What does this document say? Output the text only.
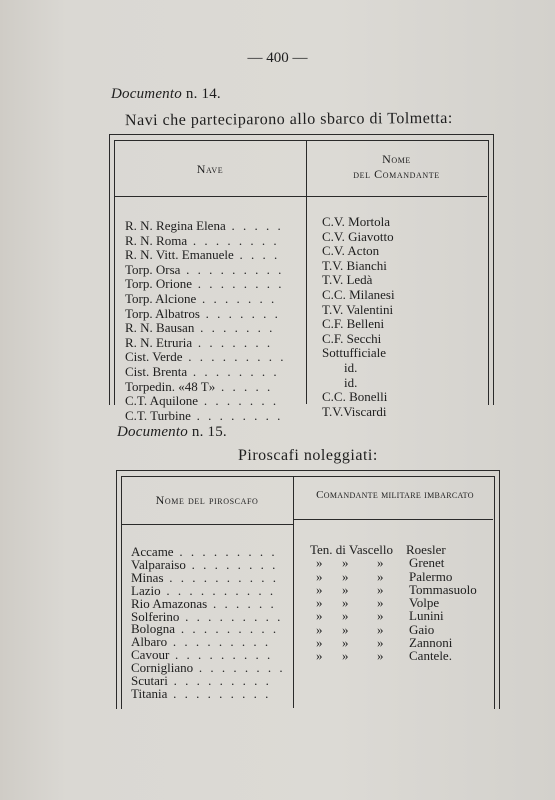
— 400 —
Documento n. 14.
Navi che parteciparono allo sbarco di Tolmetta:
Nave
Nome
del Comandante
R. N. Regina Elena . . . . .
R. N. Roma . . . . . . . .
R. N. Vitt. Emanuele . . . .
Torp. Orsa . . . . . . . . .
Torp. Orione . . . . . . . .
Torp. Alcione . . . . . . .
Torp. Albatros . . . . . . .
R. N. Bausan . . . . . . .
R. N. Etruria . . . . . . .
Cist. Verde . . . . . . . . .
Cist. Brenta . . . . . . . .
Torpedin. «48 T» . . . . .
C.T. Aquilone . . . . . . .
C.T. Turbine . . . . . . . .
C.V. Mortola
C.V. Giavotto
C.V. Acton
T.V. Bianchi
T.V. Ledà
C.C. Milanesi
T.V. Valentini
C.F. Belleni
C.F. Secchi
Sottufficiale
id.
id.
C.C. Bonelli
T.V.Viscardi
Documento n. 15.
Piroscafi noleggiati:
Nome del piroscafo	Comandante militare imbarcato
Accame . . . . . . . . .
Valparaiso . . . . . . . .
Minas . . . . . . . . . .
Lazio . . . . . . . . . .
Rio Amazonas . . . . . .
Solferino . . . . . . . . .
Bologna . . . . . . . . .
Albaro . . . . . . . . .
Cavour . . . . . . . . .
Cornigliano . . . . . . . .
Scutari . . . . . . . . .
Titania . . . . . . . . .
Ten. di Vascello Roesler
» » » Grenet
» » » Palermo
» » » Tommasuolo
» » » Volpe
» » » Lunini
» » » Gaio
» » » Zannoni
» » » Cantele.
